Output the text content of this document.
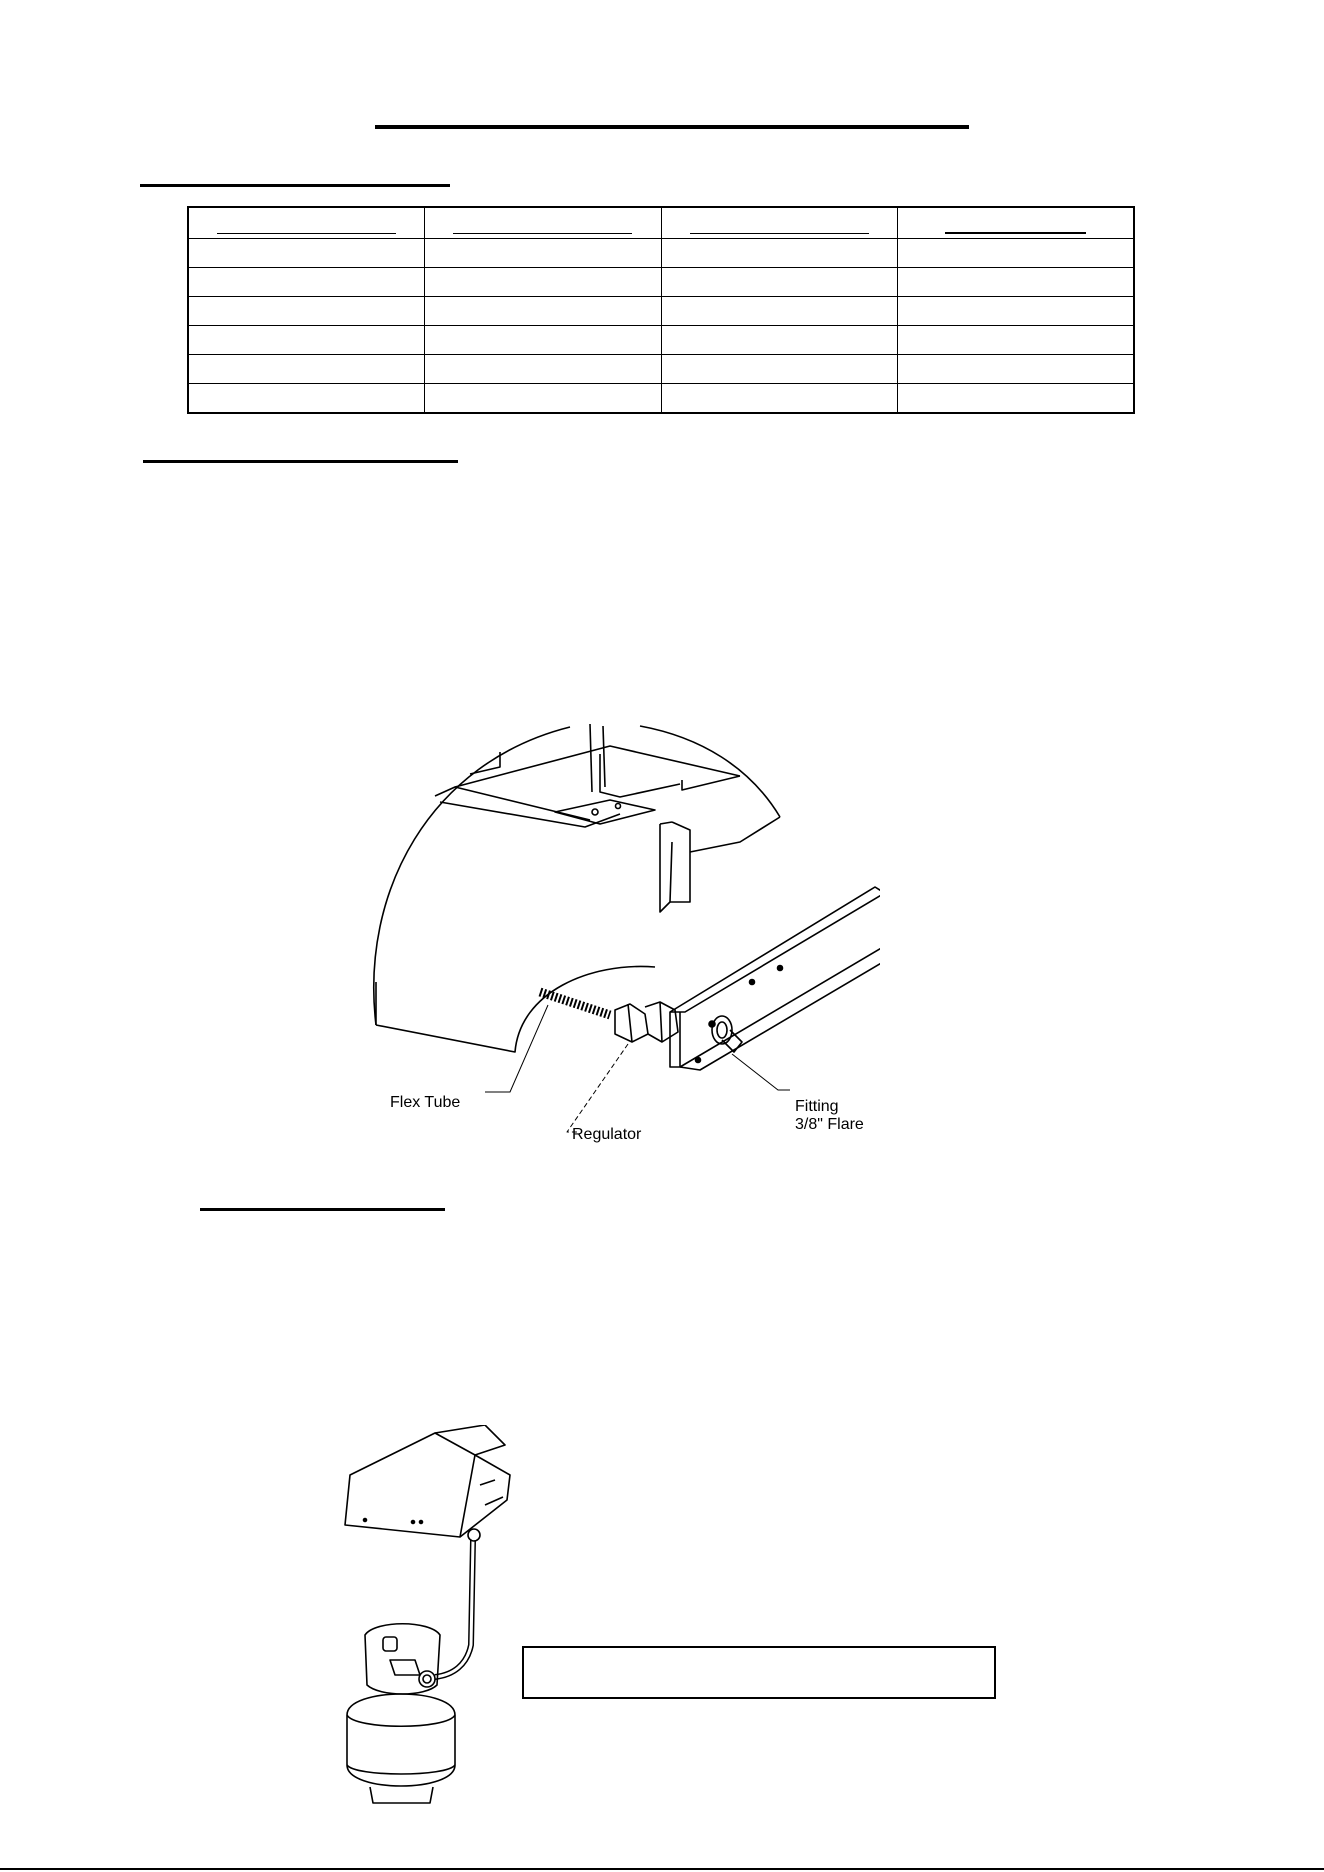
Flex Tube
Regulator
Fitting
3/8" Flare
